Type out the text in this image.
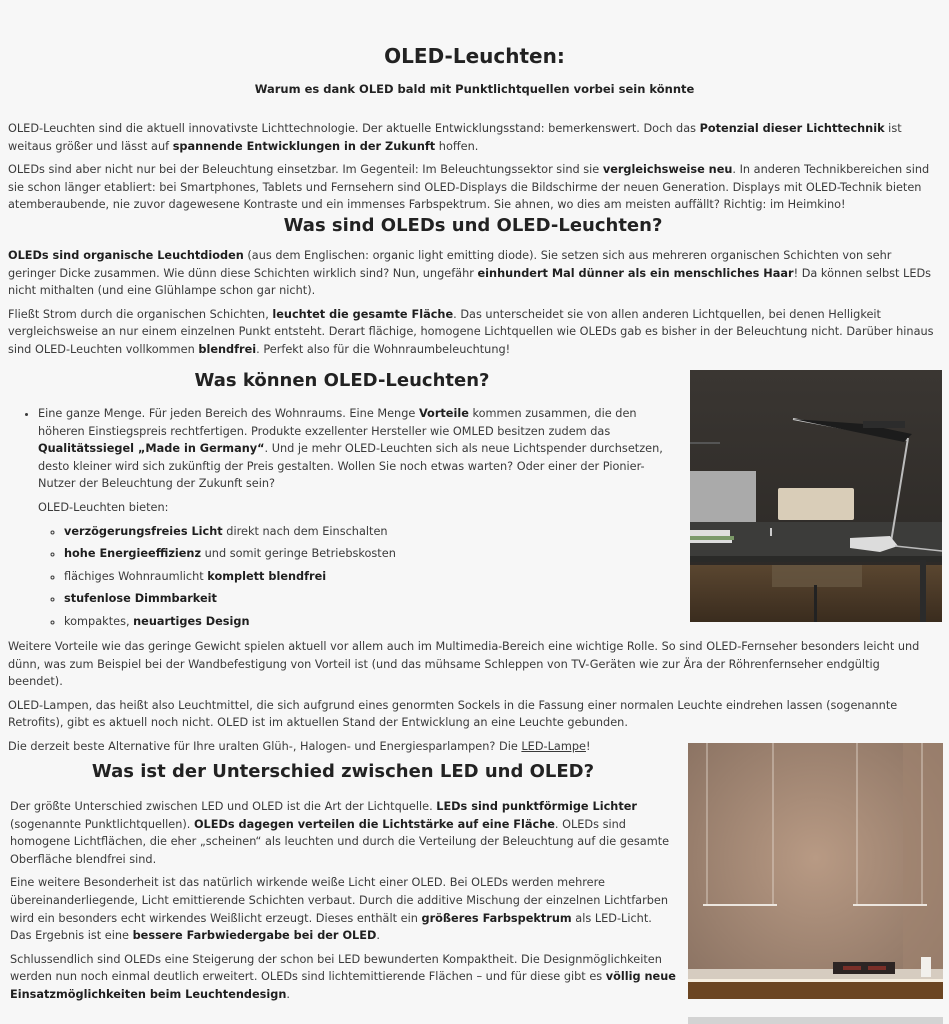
OLED-Leuchten:
Warum es dank OLED bald mit Punktlichtquellen vorbei sein könnte

OLED-Leuchten sind die aktuell innovativste Lichttechnologie. Der aktuelle Entwicklungsstand: bemerkenswert. Doch das Potenzial dieser Lichttechnik ist weitaus größer und lässt auf spannende Entwicklungen in der Zukunft hoffen.

OLEDs sind aber nicht nur bei der Beleuchtung einsetzbar. Im Gegenteil: Im Beleuchtungssektor sind sie vergleichsweise neu. In anderen Technikbereichen sind sie schon länger etabliert: bei Smartphones, Tablets und Fernsehern sind OLED-Displays die Bildschirme der neuen Generation. Displays mit OLED-Technik bieten atemberaubende, nie zuvor dagewesene Kontraste und ein immenses Farbspektrum. Sie ahnen, wo dies am meisten auffällt? Richtig: im Heimkino!

Was sind OLEDs und OLED-Leuchten?

OLEDs sind organische Leuchtdioden (aus dem Englischen: organic light emitting diode). Sie setzen sich aus mehreren organischen Schichten von sehr geringer Dicke zusammen. Wie dünn diese Schichten wirklich sind? Nun, ungefähr einhundert Mal dünner als ein menschliches Haar! Da können selbst LEDs nicht mithalten (und eine Glühlampe schon gar nicht).

Fließt Strom durch die organischen Schichten, leuchtet die gesamte Fläche. Das unterscheidet sie von allen anderen Lichtquellen, bei denen Helligkeit vergleichsweise an nur einem einzelnen Punkt entsteht. Derart flächige, homogene Lichtquellen wie OLEDs gab es bisher in der Beleuchtung nicht. Darüber hinaus sind OLED-Leuchten vollkommen blendfrei. Perfekt also für die Wohnraumbeleuchtung!

Was können OLED-Leuchten?

• Eine ganze Menge. Für jeden Bereich des Wohnraums. Eine Menge Vorteile kommen zusammen, die den höheren Einstiegspreis rechtfertigen. Produkte exzellenter Hersteller wie OMLED besitzen zudem das Qualitätssiegel „Made in Germany“. Und je mehr OLED-Leuchten sich als neue Lichtspender durchsetzen, desto kleiner wird sich zukünftig der Preis gestalten. Wollen Sie noch etwas warten? Oder einer der Pionier-Nutzer der Beleuchtung der Zukunft sein?

OLED-Leuchten bieten:
◦ verzögerungsfreies Licht direkt nach dem Einschalten
◦ hohe Energieeffizienz und somit geringe Betriebskosten
◦ flächiges Wohnraumlicht komplett blendfrei
◦ stufenlose Dimmbarkeit
◦ kompaktes, neuartiges Design

Weitere Vorteile wie das geringe Gewicht spielen aktuell vor allem auch im Multimedia-Bereich eine wichtige Rolle. So sind OLED-Fernseher besonders leicht und dünn, was zum Beispiel bei der Wandbefestigung von Vorteil ist (und das mühsame Schleppen von TV-Geräten wie zur Ära der Röhrenfernseher endgültig beendet).

OLED-Lampen, das heißt also Leuchtmittel, die sich aufgrund eines genormten Sockels in die Fassung einer normalen Leuchte eindrehen lassen (sogenannte Retrofits), gibt es aktuell noch nicht. OLED ist im aktuellen Stand der Entwicklung an eine Leuchte gebunden.

Die derzeit beste Alternative für Ihre uralten Glüh-, Halogen- und Energiesparlampen? Die LED-Lampe!

Was ist der Unterschied zwischen LED und OLED?

Der größte Unterschied zwischen LED und OLED ist die Art der Lichtquelle. LEDs sind punktförmige Lichter (sogenannte Punktlichtquellen). OLEDs dagegen verteilen die Lichtstärke auf eine Fläche. OLEDs sind homogene Lichtflächen, die eher „scheinen“ als leuchten und durch die Verteilung der Beleuchtung auf die gesamte Oberfläche blendfrei sind.

Eine weitere Besonderheit ist das natürlich wirkende weiße Licht einer OLED. Bei OLEDs werden mehrere übereinanderliegende, Licht emittierende Schichten verbaut. Durch die additive Mischung der einzelnen Lichtfarben wird ein besonders echt wirkendes Weißlicht erzeugt. Dieses enthält ein größeres Farbspektrum als LED-Licht. Das Ergebnis ist eine bessere Farbwiedergabe bei der OLED.

Schlussendlich sind OLEDs eine Steigerung der schon bei LED bewunderten Kompaktheit. Die Designmöglichkeiten werden nun noch einmal deutlich erweitert. OLEDs sind lichtemittierende Flächen – und für diese gibt es völlig neue Einsatzmöglichkeiten beim Leuchtendesign.
